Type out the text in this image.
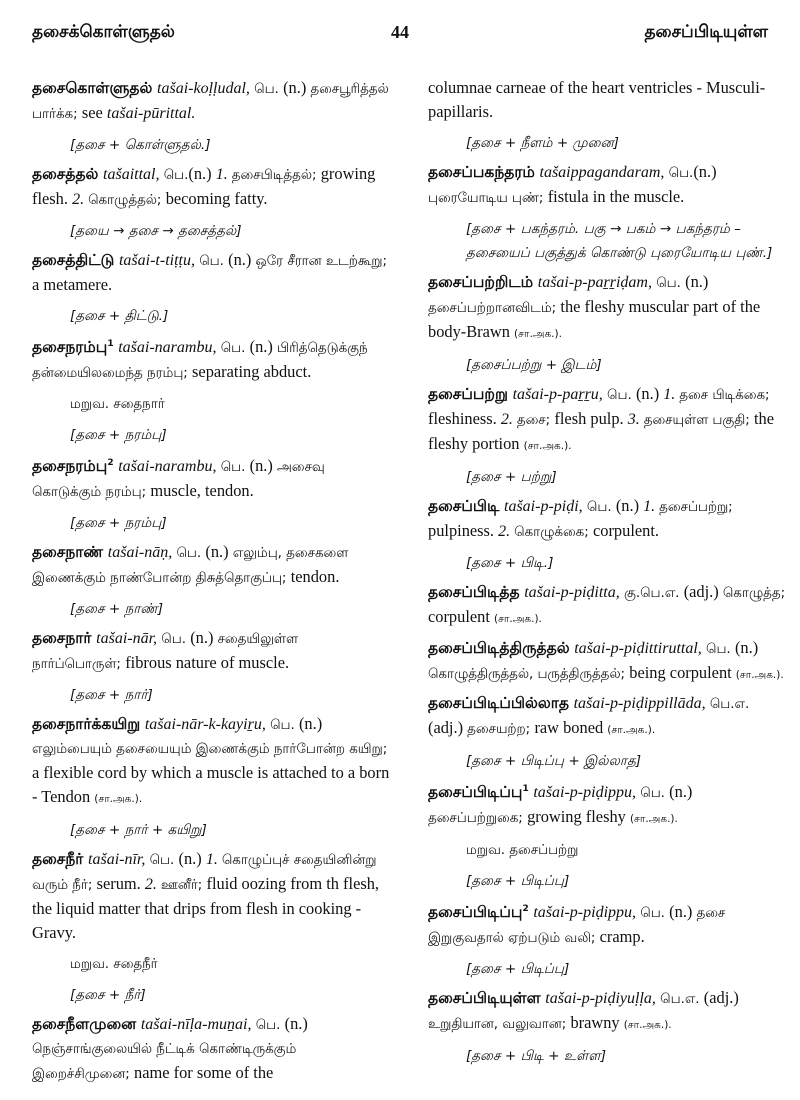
தசைக்கொள்ளுதல்	44	தசைப்பிடியுள்ள

தசைகொள்ளுதல் tašai-koḷḷudal, பெ. (n.) தசைபூரித்தல் பார்க்க; see tašai-pūrittal.

[தசை + கொள்ளுதல்.]

தசைத்தல் tašaittal, பெ.(n.) 1. தசைபிடித்தல்; growing flesh. 2. கொழுத்தல்; becoming fatty.

[தயை → தசை → தசைத்தல்]

தசைத்திட்டு tašai-t-tiṭṭu, பெ. (n.) ஒரே சீரான உடற்கூறு; a metamere.

[தசை + திட்டு.]

தசைநரம்பு$^1$ tašai-narambu, பெ. (n.) பிரித்தெடுக்குந் தன்மையிலமைந்த நரம்பு; separating abduct.

மறுவ. சதைநார்
[தசை + நரம்பு]

தசைநரம்பு$^2$ tašai-narambu, பெ. (n.) அசைவு கொடுக்கும் நரம்பு; muscle, tendon.

[தசை + நரம்பு]

தசைநாண் tašai-nāṇ, பெ. (n.) எலும்பு, தசைகளை இணைக்கும் நாண்போன்ற திசுத்தொகுப்பு; tendon.

[தசை + நாண்]

தசைநார் tašai-nār, பெ. (n.) சதையிலுள்ள நார்ப்பொருள்; fibrous nature of muscle.

[தசை + நார்]

தசைநார்க்கயிறு tašai-nār-k-kayiṟu, பெ. (n.) எலும்பையும் தசையையும் இணைக்கும் நார்போன்ற கயிறு; a flexible cord by which a muscle is attached to a born - Tendon (சா.அக.).

[தசை + நார் + கயிறு]

தசைநீர் tašai-nīr, பெ. (n.) 1. கொழுப்புச் சதையினின்று வரும் நீர்; serum. 2. ஊனீர்; fluid oozing from th flesh, the liquid matter that drips from flesh in cooking - Gravy.

மறுவ. சதைநீர்
[தசை + நீர்]

தசைநீளமுனை tašai-nīḷa-muṉai, பெ. (n.) நெஞ்சாங்குலையில் நீட்டிக் கொண்டிருக்கும் இறைச்சிமுனை; name for some of the

columnae carneae of the heart ventricles - Musculi-papillaris.

[தசை + நீளம் + முனை]

தசைப்பகந்தரம் tašaippagandaram, பெ.(n.) புரையோடிய புண்; fistula in the muscle.

[தசை + பகந்தரம். பகு → பகம் → பகந்தரம் – தசையைப் பகுத்துக் கொண்டு புரையோடிய புண்.]

தசைப்பற்றிடம் tašai-p-paṟṟiḍam, பெ. (n.) தசைப்பற்றானவிடம்; the fleshy muscular part of the body-Brawn (சா.அக.).

[தசைப்பற்று + இடம்]

தசைப்பற்று tašai-p-paṟṟu, பெ. (n.) 1. தசை பிடிக்கை; fleshiness. 2. தசை; flesh pulp. 3. தசையுள்ள பகுதி; the fleshy portion (சா.அக.).

[தசை + பற்று]

தசைப்பிடி tašai-p-piḍi, பெ. (n.) 1. தசைப்பற்று; pulpiness. 2. கொழுக்கை; corpulent.

[தசை + பிடி.]

தசைப்பிடித்த tašai-p-piḍitta, கு.பெ.எ. (adj.) கொழுத்த; corpulent (சா.அக.).

தசைப்பிடித்திருத்தல் tašai-p-piḍittiruttal, பெ. (n.) கொழுத்திருத்தல், பருத்திருத்தல்; being corpulent (சா.அக.).

தசைப்பிடிப்பில்லாத tašai-p-piḍippillāda, பெ.எ. (adj.) தசையற்ற; raw boned (சா.அக.).

[தசை + பிடிப்பு + இல்லாத]

தசைப்பிடிப்பு$^1$ tašai-p-piḍippu, பெ. (n.) தசைப்பற்றுகை; growing fleshy (சா.அக.).

மறுவ. தசைப்பற்று
[தசை + பிடிப்பு]

தசைப்பிடிப்பு$^2$ tašai-p-piḍippu, பெ. (n.) தசை இறுகுவதால் ஏற்படும் வலி; cramp.

[தசை + பிடிப்பு]

தசைப்பிடியுள்ள tašai-p-piḍiyuḷḷa, பெ.எ. (adj.) உறுதியான, வலுவான; brawny (சா.அக.).

[தசை + பிடி + உள்ள]
